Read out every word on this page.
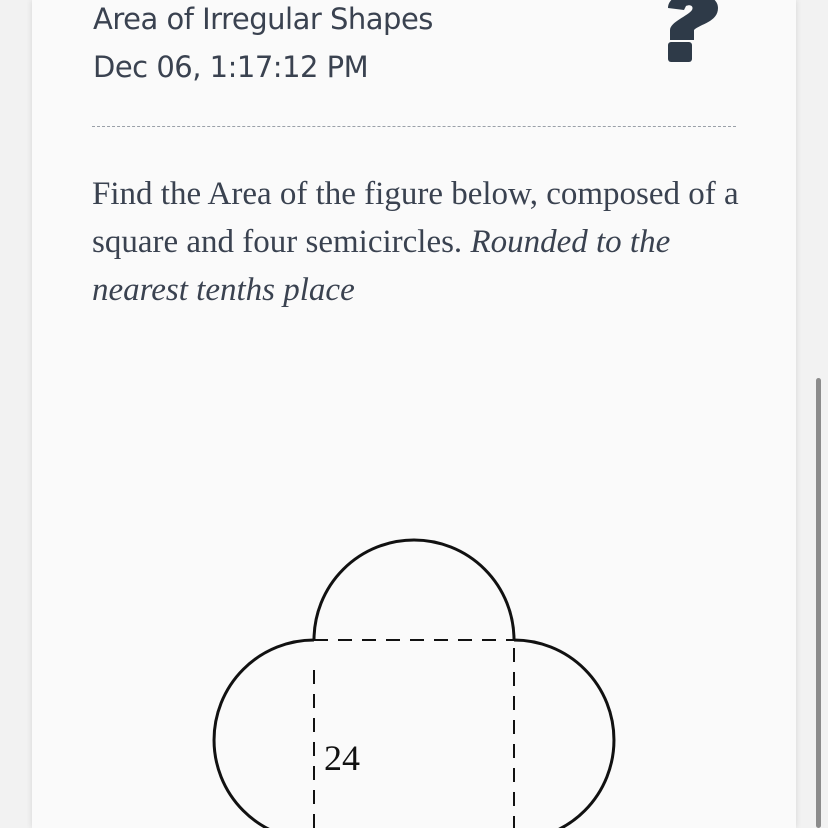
Area of Irregular Shapes
Dec 06, 1:17:12 PM
Find the Area of the figure below, composed of a square and four semicircles. Rounded to the nearest tenths place
24
